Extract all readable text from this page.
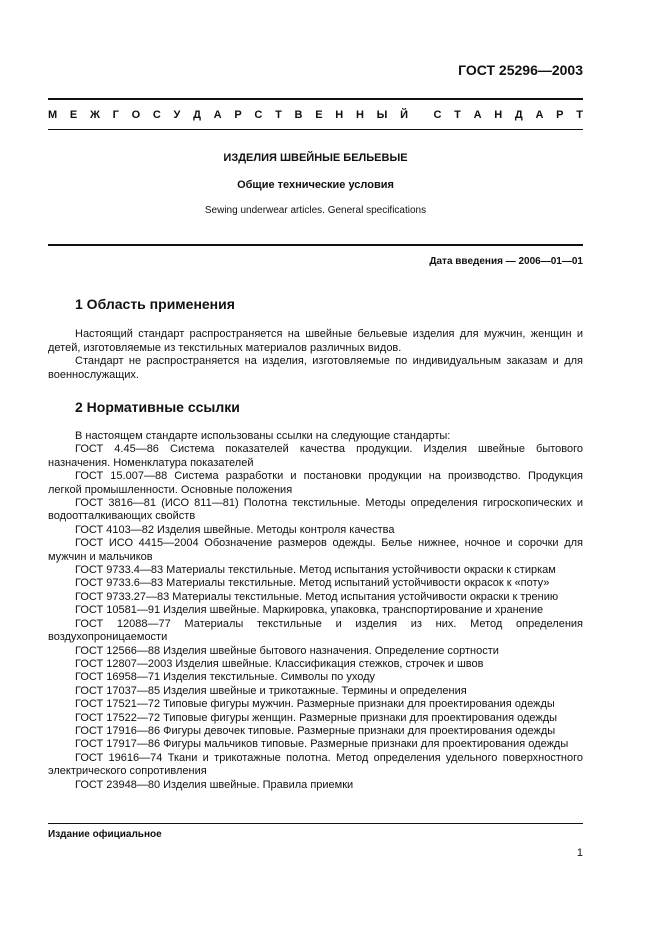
ГОСТ 25296—2003
М Е Ж Г О С У Д А Р С Т В Е Н Н Ы Й С Т А Н Д А Р Т
ИЗДЕЛИЯ ШВЕЙНЫЕ БЕЛЬЕВЫЕ
Общие технические условия
Sewing underwear articles. General specifications
Дата введения — 2006—01—01
1 Область применения

Настоящий стандарт распространяется на швейные бельевые изделия для мужчин, женщин и детей, изготовляемые из текстильных материалов различных видов.

Стандарт не распространяется на изделия, изготовляемые по индивидуальным заказам и для военнослужащих.

2 Нормативные ссылки
В настоящем стандарте использованы ссылки на следующие стандарты:
ГОСТ 4.45—86 Система показателей качества продукции. Изделия швейные бытового назначения. Номенклатура показателей
ГОСТ 15.007—88 Система разработки и постановки продукции на производство. Продукция легкой промышленности. Основные положения
ГОСТ 3816—81 (ИСО 811—81) Полотна текстильные. Методы определения гигроскопических и водоотталкивающих свойств
ГОСТ 4103—82 Изделия швейные. Методы контроля качества
ГОСТ ИСО 4415—2004 Обозначение размеров одежды. Белье нижнее, ночное и сорочки для мужчин и мальчиков
ГОСТ 9733.4—83 Материалы текстильные. Метод испытания устойчивости окраски к стиркам
ГОСТ 9733.6—83 Материалы текстильные. Метод испытаний устойчивости окрасок к «поту»
ГОСТ 9733.27—83 Материалы текстильные. Метод испытания устойчивости окраски к трению
ГОСТ 10581—91 Изделия швейные. Маркировка, упаковка, транспортирование и хранение
ГОСТ 12088—77 Материалы текстильные и изделия из них. Метод определения воздухопроницаемости
ГОСТ 12566—88 Изделия швейные бытового назначения. Определение сортности
ГОСТ 12807—2003 Изделия швейные. Классификация стежков, строчек и швов
ГОСТ 16958—71 Изделия текстильные. Символы по уходу
ГОСТ 17037—85 Изделия швейные и трикотажные. Термины и определения
ГОСТ 17521—72 Типовые фигуры мужчин. Размерные признаки для проектирования одежды
ГОСТ 17522—72 Типовые фигуры женщин. Размерные признаки для проектирования одежды
ГОСТ 17916—86 Фигуры девочек типовые. Размерные признаки для проектирования одежды
ГОСТ 17917—86 Фигуры мальчиков типовые. Размерные признаки для проектирования одежды
ГОСТ 19616—74 Ткани и трикотажные полотна. Метод определения удельного поверхностного электрического сопротивления
ГОСТ 23948—80 Изделия швейные. Правила приемки
Издание официальное
1
